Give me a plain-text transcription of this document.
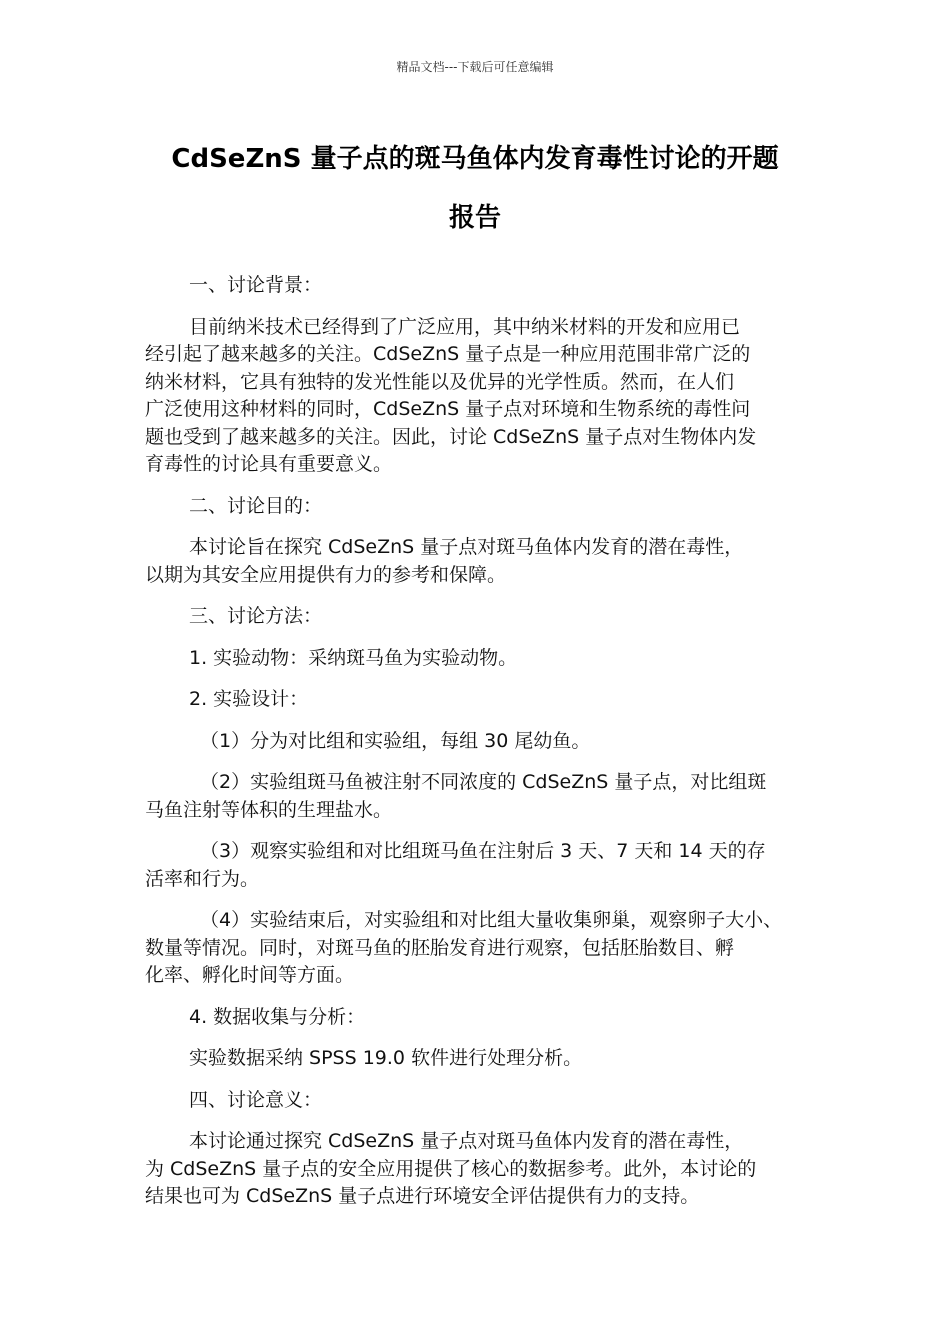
精品文档---下载后可任意编辑
CdSeZnS 量子点的斑马鱼体内发育毒性讨论的开题
报告
一、讨论背景：
目前纳米技术已经得到了广泛应用，其中纳米材料的开发和应用已
经引起了越来越多的关注。CdSeZnS 量子点是一种应用范围非常广泛的
纳米材料，它具有独特的发光性能以及优异的光学性质。然而，在人们
广泛使用这种材料的同时，CdSeZnS 量子点对环境和生物系统的毒性问
题也受到了越来越多的关注。因此，讨论 CdSeZnS 量子点对生物体内发
育毒性的讨论具有重要意义。
二、讨论目的：
本讨论旨在探究 CdSeZnS 量子点对斑马鱼体内发育的潜在毒性，
以期为其安全应用提供有力的参考和保障。
三、讨论方法：
1. 实验动物：采纳斑马鱼为实验动物。
2. 实验设计：
（1）分为对比组和实验组，每组 30 尾幼鱼。
（2）实验组斑马鱼被注射不同浓度的 CdSeZnS 量子点，对比组斑
马鱼注射等体积的生理盐水。
（3）观察实验组和对比组斑马鱼在注射后 3 天、7 天和 14 天的存
活率和行为。
（4）实验结束后，对实验组和对比组大量收集卵巢，观察卵子大小、
数量等情况。同时，对斑马鱼的胚胎发育进行观察，包括胚胎数目、孵
化率、孵化时间等方面。
4. 数据收集与分析：
实验数据采纳 SPSS 19.0 软件进行处理分析。
四、讨论意义：
本讨论通过探究 CdSeZnS 量子点对斑马鱼体内发育的潜在毒性，
为 CdSeZnS 量子点的安全应用提供了核心的数据参考。此外，本讨论的
结果也可为 CdSeZnS 量子点进行环境安全评估提供有力的支持。
